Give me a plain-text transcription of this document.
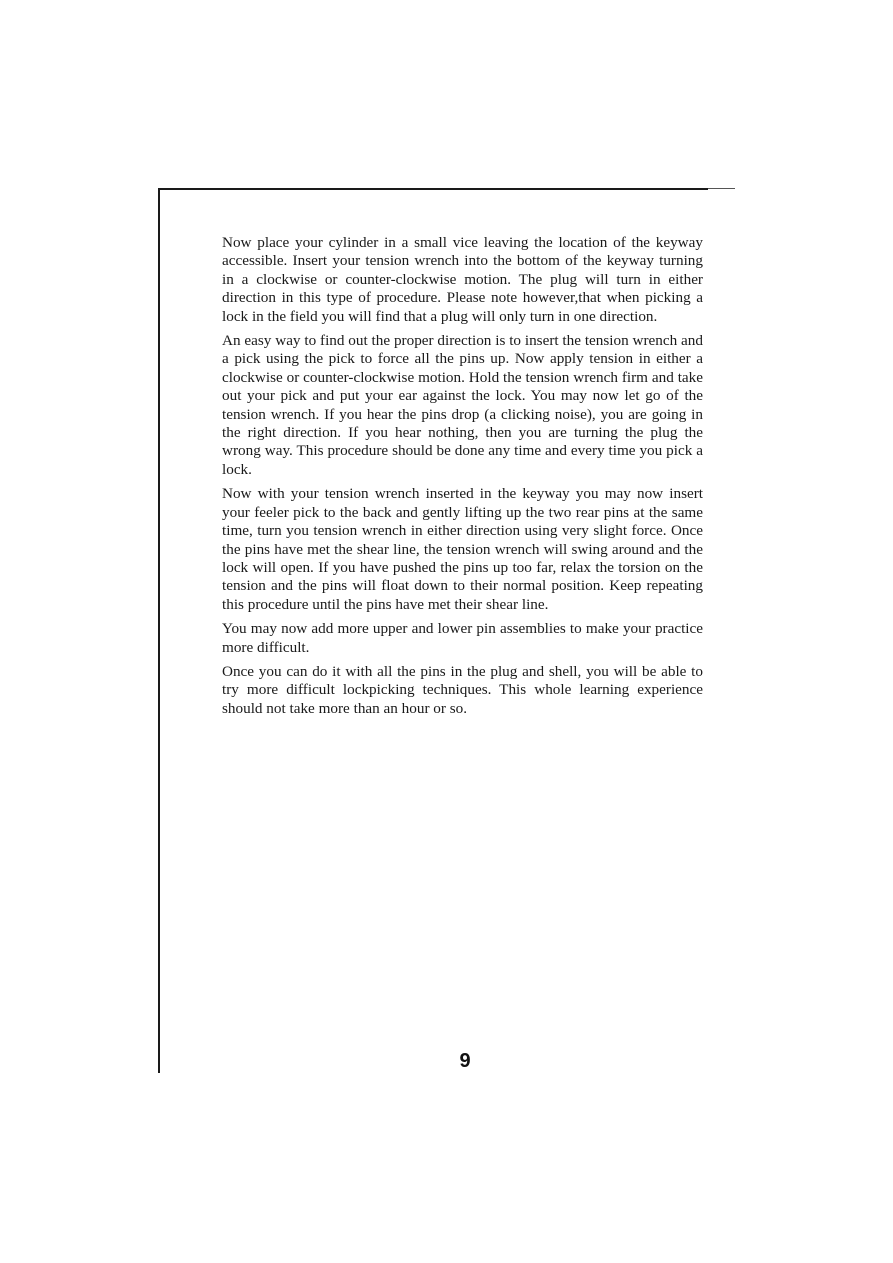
Now place your cylinder in a small vice leaving the location of the keyway accessible. Insert your tension wrench into the bottom of the keyway turning in a clockwise or counter-clockwise motion. The plug will turn in either direction in this type of procedure. Please note however,that when picking a lock in the field you will find that a plug will only turn in one direction.

An easy way to find out the proper direction is to insert the tension wrench and a pick using the pick to force all the pins up. Now apply tension in either a clockwise or counter-clockwise motion. Hold the tension wrench firm and take out your pick and put your ear against the lock. You may now let go of the tension wrench. If you hear the pins drop (a clicking noise), you are going in the right direction. If you hear nothing, then you are turning the plug the wrong way. This procedure should be done any time and every time you pick a lock.

Now with your tension wrench inserted in the keyway you may now insert your feeler pick to the back and gently lifting up the two rear pins at the same time, turn you tension wrench in either direction using very slight force. Once the pins have met the shear line, the tension wrench will swing around and the lock will open. If you have pushed the pins up too far, relax the torsion on the tension and the pins will float down to their normal position. Keep repeating this procedure until the pins have met their shear line.

You may now add more upper and lower pin assemblies to make your practice more difficult.

Once you can do it with all the pins in the plug and shell, you will be able to try more difficult lockpicking techniques. This whole learning experience should not take more than an hour or so.

9
